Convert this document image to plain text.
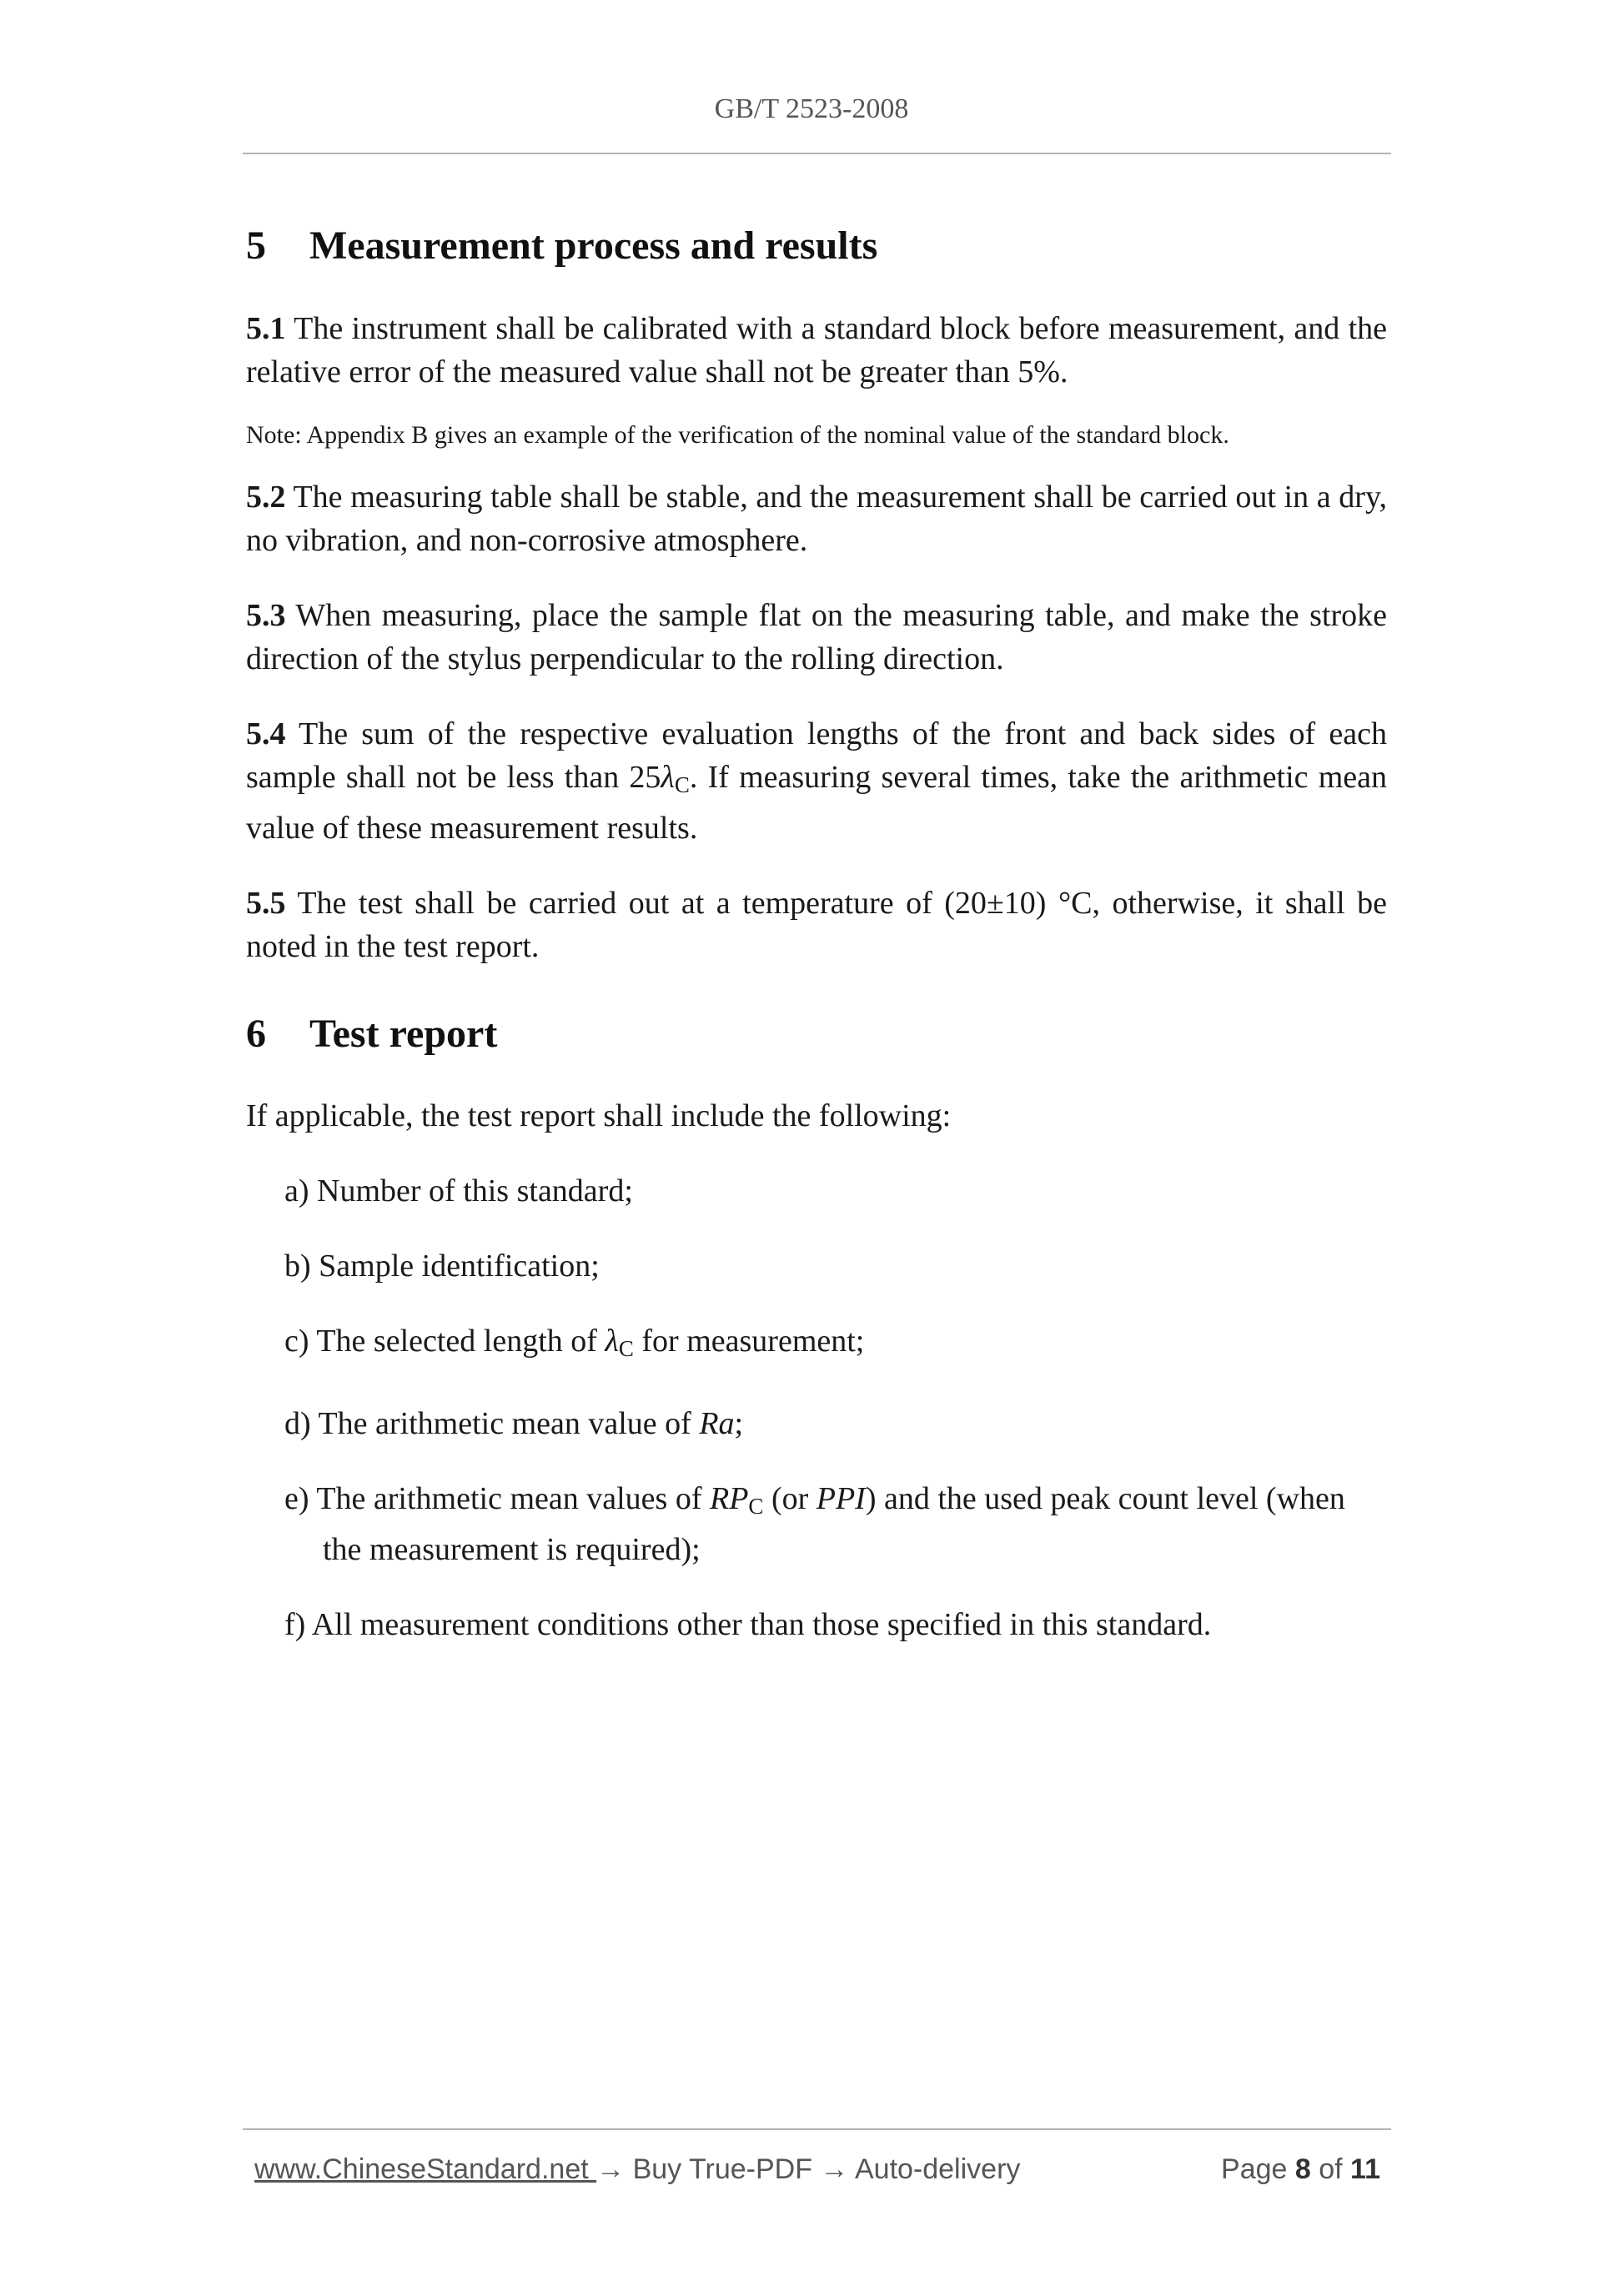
GB/T 2523-2008
5 Measurement process and results

5.1 The instrument shall be calibrated with a standard block before measurement, and the relative error of the measured value shall not be greater than 5%.

Note: Appendix B gives an example of the verification of the nominal value of the standard block.

5.2 The measuring table shall be stable, and the measurement shall be carried out in a dry, no vibration, and non-corrosive atmosphere.

5.3 When measuring, place the sample flat on the measuring table, and make the stroke direction of the stylus perpendicular to the rolling direction.

5.4 The sum of the respective evaluation lengths of the front and back sides of each sample shall not be less than $25\lambda_C$. If measuring several times, take the arithmetic mean value of these measurement results.

5.5 The test shall be carried out at a temperature of (20±10) °C, otherwise, it shall be noted in the test report.

6 Test report

If applicable, the test report shall include the following:

a) Number of this standard;
b) Sample identification;
c) The selected length of $\lambda_C$ for measurement;
d) The arithmetic mean value of Ra;
e) The arithmetic mean values of $RP_C$ (or PPI) and the used peak count level (when the measurement is required);
f) All measurement conditions other than those specified in this standard.
www.ChineseStandard.net → Buy True-PDF → Auto-delivery	Page 8 of 11
